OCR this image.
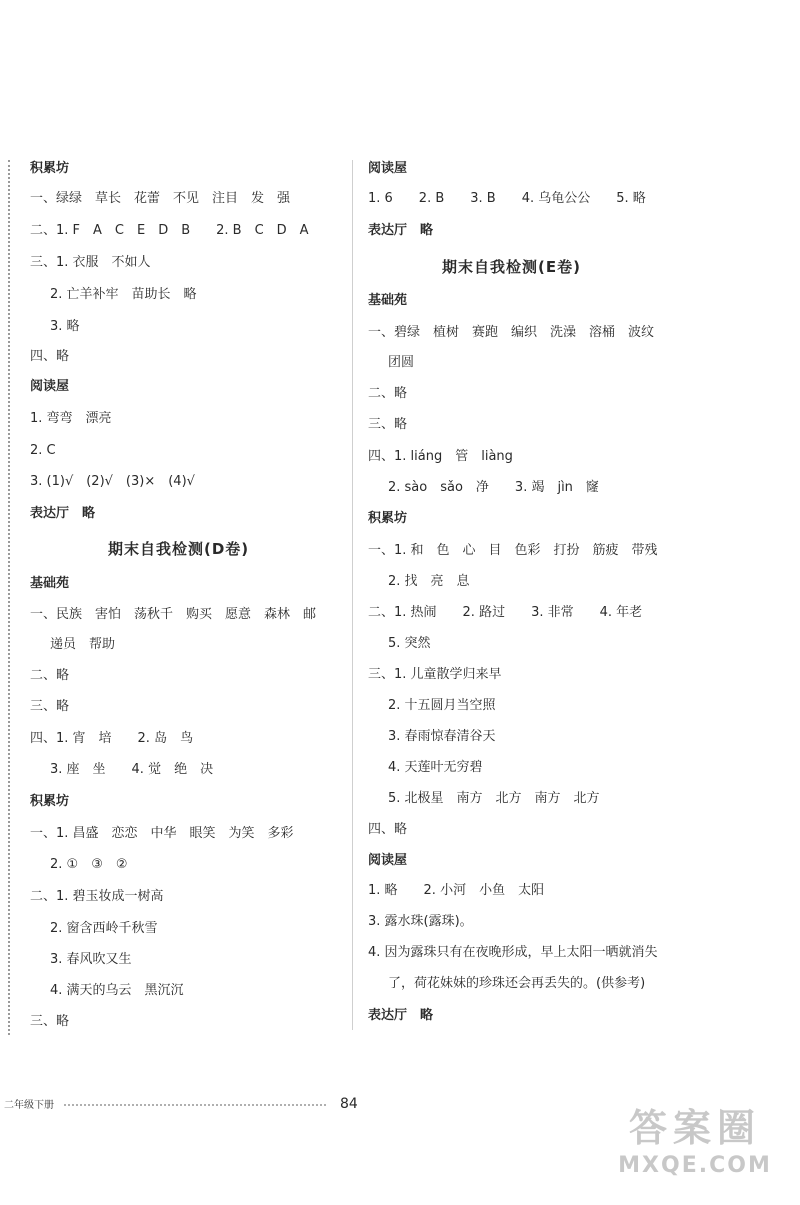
积累坊
一、绿绿　草长　花蕾　不见　注目　发　强
二、1. F　A　C　E　D　B　　2. B　C　D　A
三、1. 衣服　不如人
2. 亡羊补牢　苗助长　略
3. 略
四、略
阅读屋
1. 弯弯　漂亮
2. C
3. (1)√　(2)√　(3)×　(4)√
表达厅　略
期末自我检测(D卷)
基础苑
一、民族　害怕　荡秋千　购买　愿意　森林　邮
递员　帮助
二、略
三、略
四、1. 宵　培　　2. 岛　鸟
3. 座　坐　　4. 觉　绝　决
积累坊
一、1. 昌盛　恋恋　中华　眼笑　为笑　多彩
2. ①　③　②
二、1. 碧玉妆成一树高
2. 窗含西岭千秋雪
3. 春风吹又生
4. 满天的乌云　黑沉沉
三、略
阅读屋
1. 6　　2. B　　3. B　　4. 乌龟公公　　5. 略
表达厅　略
期末自我检测(E卷)
基础苑
一、碧绿　植树　赛跑　编织　洗澡　溶桶　波纹
团圆
二、略
三、略
四、1. liáng　管　liàng
2. sào　sǎo　净　　3. 竭　jìn　窿
积累坊
一、1. 和　色　心　目　色彩　打扮　筋疲　带残
2. 找　亮　息
二、1. 热闹　　2. 路过　　3. 非常　　4. 年老
5. 突然
三、1. 儿童散学归来早
2. 十五圆月当空照
3. 春雨惊春清谷天
4. 天莲叶无穷碧
5. 北极星　南方　北方　南方　北方
四、略
阅读屋
1. 略　　2. 小河　小鱼　太阳
3. 露水珠(露珠)。
4. 因为露珠只有在夜晚形成，早上太阳一晒就消失
了，荷花妹妹的珍珠还会再丢失的。(供参考)
表达厅　略
二年级下册	84
答案圈
MXQE.COM
